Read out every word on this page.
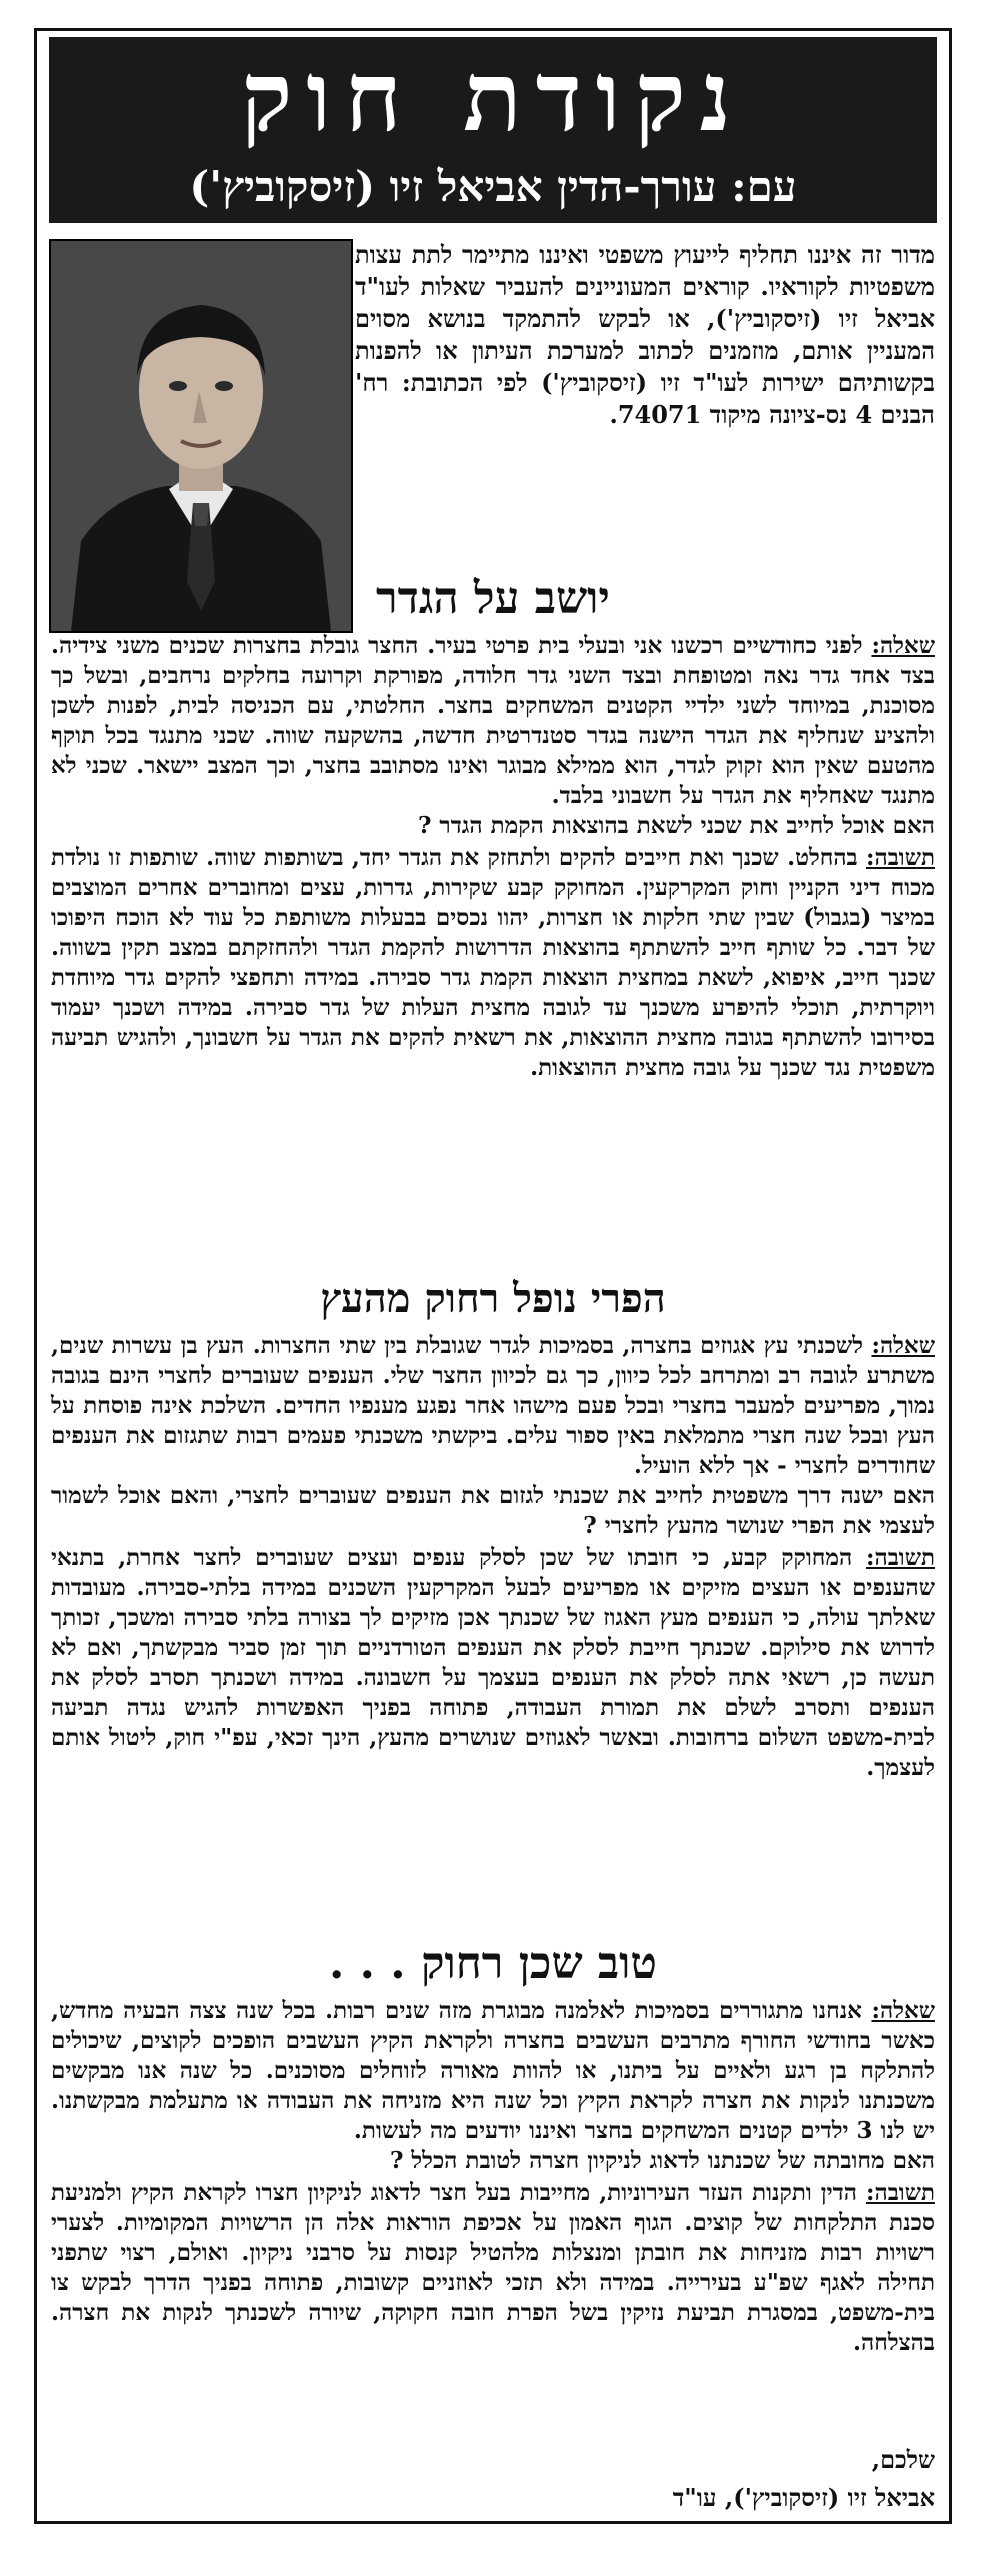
נקודת חוק
עם: עורך-הדין אביאל זיו (זיסקוביץ')
מדור זה איננו תחליף לייעוץ משפטי ואיננו מתיימר לתת עצות משפטיות לקוראיו. קוראים המעוניינים להעביר שאלות לעו"ד אביאל זיו (זיסקוביץ'), או לבקש להתמקד בנושא מסוים המעניין אותם, מוזמנים לכתוב למערכת העיתון או להפנות בקשותיהם ישירות לעו"ד זיו (זיסקוביץ') לפי הכתובת: רח' הבנים 4 נס-ציונה מיקוד 74071.
יושב על הגדר

שאלה: לפני כחודשיים רכשנו אני ובעלי בית פרטי בעיר. החצר גובלת בחצרות שכנים משני צידיה. בצד אחד גדר נאה ומטופחת ובצד השני גדר חלודה, מפורקת וקרועה בחלקים נרחבים, ובשל כך מסוכנת, במיוחד לשני ילדיי הקטנים המשחקים בחצר. החלטתי, עם הכניסה לבית, לפנות לשכן ולהציע שנחליף את הגדר הישנה בגדר סטנדרטית חדשה, בהשקעה שווה. שכני מתנגד בכל תוקף מהטעם שאין הוא זקוק לגדר, הוא ממילא מבוגר ואינו מסתובב בחצר, וכך המצב יישאר. שכני לא מתנגד שאחליף את הגדר על חשבוני בלבד.
האם אוכל לחייב את שכני לשאת בהוצאות הקמת הגדר ?

תשובה: בהחלט. שכנך ואת חייבים להקים ולתחזק את הגדר יחד, בשותפות שווה. שותפות זו נולדת מכוח דיני הקניין וחוק המקרקעין. המחוקק קבע שקירות, גדרות, עצים ומחוברים אחרים המוצבים במיצר (בגבול) שבין שתי חלקות או חצרות, יהוו נכסים בבעלות משותפת כל עוד לא הוכח היפוכו של דבר. כל שותף חייב להשתתף בהוצאות הדרושות להקמת הגדר ולהחזקתם במצב תקין בשווה. שכנך חייב, איפוא, לשאת במחצית הוצאות הקמת גדר סבירה. במידה ותחפצי להקים גדר מיוחדת ויוקרתית, תוכלי להיפרע משכנך עד לגובה מחצית העלות של גדר סבירה. במידה ושכנך יעמוד בסירובו להשתתף בגובה מחצית ההוצאות, את רשאית להקים את הגדר על חשבונך, ולהגיש תביעה משפטית נגד שכנך על גובה מחצית ההוצאות.

הפרי נופל רחוק מהעץ

שאלה: לשכנתי עץ אגוזים בחצרה, בסמיכות לגדר שגובלת בין שתי החצרות. העץ בן עשרות שנים, משתרע לגובה רב ומתרחב לכל כיוון, כך גם לכיוון החצר שלי. הענפים שעוברים לחצרי הינם בגובה נמוך, מפריעים למעבר בחצרי ובכל פעם מישהו אחר נפגע מענפיו החדים. השלכת אינה פוסחת על העץ ובכל שנה חצרי מתמלאת באין ספור עלים. ביקשתי משכנתי פעמים רבות שתגזום את הענפים שחודרים לחצרי - אך ללא הועיל.
האם ישנה דרך משפטית לחייב את שכנתי לגזום את הענפים שעוברים לחצרי, והאם אוכל לשמור לעצמי את הפרי שנושר מהעץ לחצרי ?

תשובה: המחוקק קבע, כי חובתו של שכן לסלק ענפים ועצים שעוברים לחצר אחרת, בתנאי שהענפים או העצים מזיקים או מפריעים לבעל המקרקעין השכנים במידה בלתי-סבירה. מעובדות שאלתך עולה, כי הענפים מעץ האגוז של שכנתך אכן מזיקים לך בצורה בלתי סבירה ומשכך, זכותך לדרוש את סילוקם. שכנתך חייבת לסלק את הענפים הטורדניים תוך זמן סביר מבקשתך, ואם לא תעשה כן, רשאי אתה לסלק את הענפים בעצמך על חשבונה. במידה ושכנתך תסרב לסלק את הענפים ותסרב לשלם את תמורת העבודה, פתוחה בפניך האפשרות להגיש נגדה תביעה לבית-משפט השלום ברחובות. ובאשר לאגוזים שנושרים מהעץ, הינך זכאי, עפ"י חוק, ליטול אותם לעצמך.

טוב שכן רחוק . . .

שאלה: אנחנו מתגוררים בסמיכות לאלמנה מבוגרת מזה שנים רבות. בכל שנה צצה הבעיה מחדש, כאשר בחודשי החורף מתרבים העשבים בחצרה ולקראת הקיץ העשבים הופכים לקוצים, שיכולים להתלקח בן רגע ולאיים על ביתנו, או להוות מאורה לזוחלים מסוכנים. כל שנה אנו מבקשים משכנתנו לנקות את חצרה לקראת הקיץ וכל שנה היא מזניחה את העבודה או מתעלמת מבקשתנו. יש לנו 3 ילדים קטנים המשחקים בחצר ואיננו יודעים מה לעשות.
האם מחובתה של שכנתנו לדאוג לניקיון חצרה לטובת הכלל ?

תשובה: הדין ותקנות העזר העירוניות, מחייבות בעל חצר לדאוג לניקיון חצרו לקראת הקיץ ולמניעת סכנת התלקחות של קוצים. הגוף האמון על אכיפת הוראות אלה הן הרשויות המקומיות. לצערי רשויות רבות מזניחות את חובתן ומנצלות מלהטיל קנסות על סרבני ניקיון. ואולם, רצוי שתפני תחילה לאגף שפ"ע בעירייה. במידה ולא תזכי לאוזניים קשובות, פתוחה בפניך הדרך לבקש צו בית-משפט, במסגרת תביעת נזיקין בשל הפרת חובה חקוקה, שיורה לשכנתך לנקות את חצרה. בהצלחה.

שלכם,
אביאל זיו (זיסקוביץ'), עו"ד
